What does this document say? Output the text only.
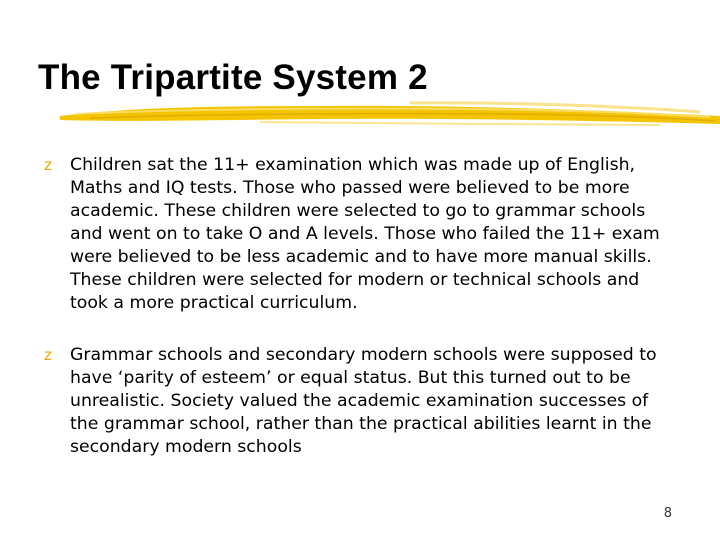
The Tripartite System 2
z	Children sat the 11+ examination which was made up of English, Maths and IQ tests. Those who passed were believed to be more academic. These children were selected to go to grammar schools and went on to take O and A levels. Those who failed the 11+ exam were believed to be less academic and to have more manual skills. These children were selected for modern or technical schools and took a more practical curriculum.
z	Grammar schools and secondary modern schools were supposed to have ‘parity of esteem’ or equal status. But this turned out to be unrealistic. Society valued the academic examination successes of the grammar school, rather than the practical abilities learnt in the secondary modern schools
8
